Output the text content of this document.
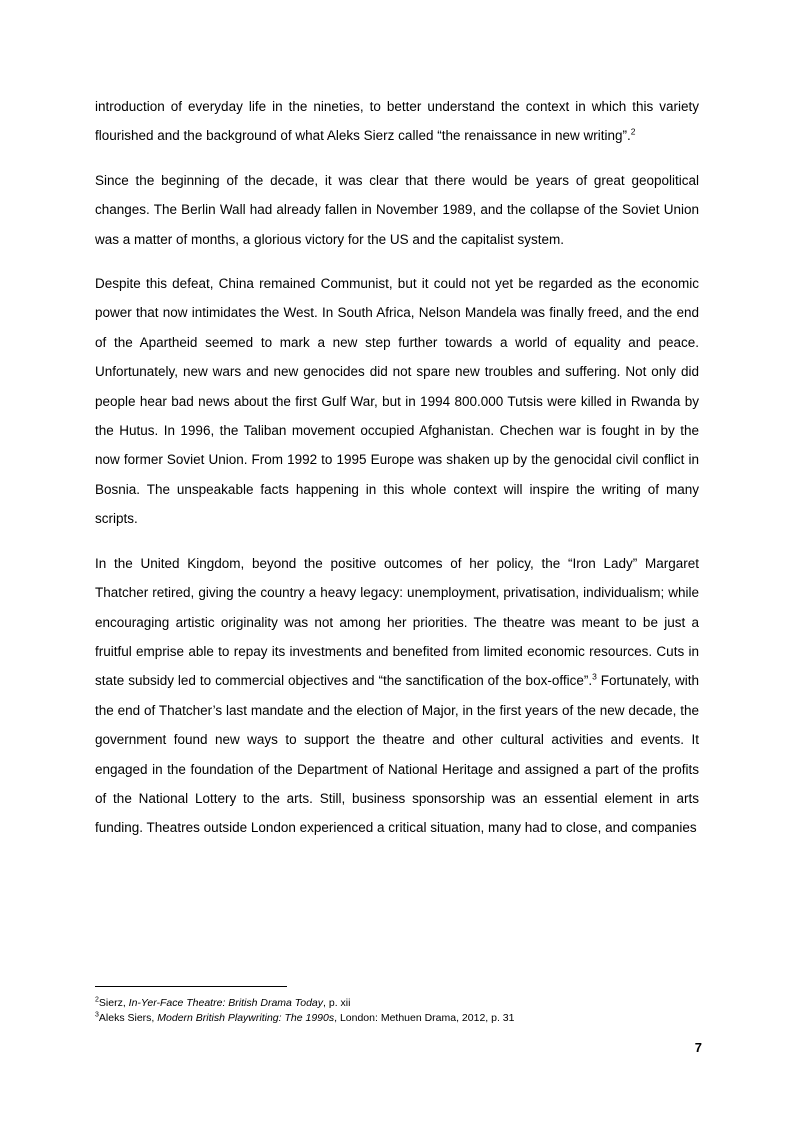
introduction of everyday life in the nineties, to better understand the context in which this variety flourished and the background of what Aleks Sierz called “the renaissance in new writing”.$^2$

Since the beginning of the decade, it was clear that there would be years of great geopolitical changes. The Berlin Wall had already fallen in November 1989, and the collapse of the Soviet Union was a matter of months, a glorious victory for the US and the capitalist system.

Despite this defeat, China remained Communist, but it could not yet be regarded as the economic power that now intimidates the West. In South Africa, Nelson Mandela was finally freed, and the end of the Apartheid seemed to mark a new step further towards a world of equality and peace. Unfortunately, new wars and new genocides did not spare new troubles and suffering. Not only did people hear bad news about the first Gulf War, but in 1994 800.000 Tutsis were killed in Rwanda by the Hutus. In 1996, the Taliban movement occupied Afghanistan. Chechen war is fought in by the now former Soviet Union. From 1992 to 1995 Europe was shaken up by the genocidal civil conflict in Bosnia. The unspeakable facts happening in this whole context will inspire the writing of many scripts.

In the United Kingdom, beyond the positive outcomes of her policy, the “Iron Lady” Margaret Thatcher retired, giving the country a heavy legacy: unemployment, privatisation, individualism; while encouraging artistic originality was not among her priorities. The theatre was meant to be just a fruitful emprise able to repay its investments and benefited from limited economic resources. Cuts in state subsidy led to commercial objectives and “the sanctification of the box-office”.$^3$ Fortunately, with the end of Thatcher’s last mandate and the election of Major, in the first years of the new decade, the government found new ways to support the theatre and other cultural activities and events. It engaged in the foundation of the Department of National Heritage and assigned a part of the profits of the National Lottery to the arts. Still, business sponsorship was an essential element in arts funding. Theatres outside London experienced a critical situation, many had to close, and companies

$^2$Sierz, In-Yer-Face Theatre: British Drama Today, p. xii

$^3$Aleks Siers, Modern British Playwriting: The 1990s, London: Methuen Drama, 2012, p. 31

7
